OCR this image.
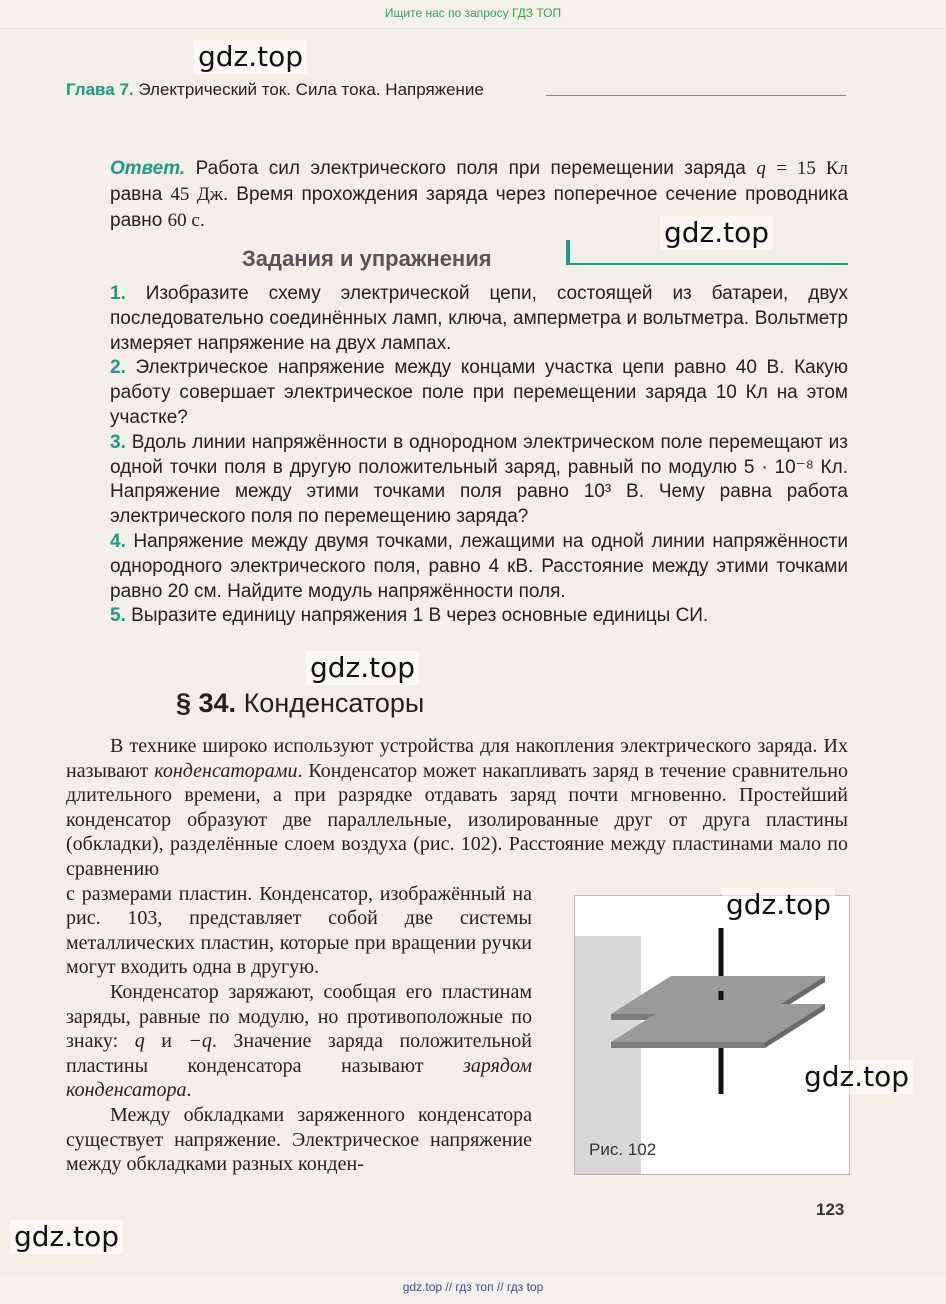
Ищите нас по запросу ГДЗ ТОП
Глава 7. Электрический ток. Сила тока. Напряжение
Ответ. Работа сил электрического поля при перемещении заряда q = 15 Кл равна 45 Дж. Время прохождения заряда через поперечное сечение проводника равно 60 с.
Задания и упражнения
1. Изобразите схему электрической цепи, состоящей из батареи, двух последовательно соединённых ламп, ключа, амперметра и вольтметра. Вольтметр измеряет напряжение на двух лампах.
2. Электрическое напряжение между концами участка цепи равно 40 В. Какую работу совершает электрическое поле при перемещении заряда 10 Кл на этом участке?
3. Вдоль линии напряжённости в однородном электрическом поле перемещают из одной точки поля в другую положительный заряд, равный по модулю 5 · 10⁻⁸ Кл. Напряжение между этими точками поля равно 10³ В. Чему равна работа электрического поля по перемещению заряда?
4. Напряжение между двумя точками, лежащими на одной линии напряжённости однородного электрического поля, равно 4 кВ. Расстояние между этими точками равно 20 см. Найдите модуль напряжённости поля.
5. Выразите единицу напряжения 1 В через основные единицы СИ.
§ 34. Конденсаторы

В технике широко используют устройства для накопления электрического заряда. Их называют конденсаторами. Конденсатор может накапливать заряд в течение сравнительно длительного времени, а при разрядке отдавать заряд почти мгновенно. Простейший конденсатор образуют две параллельные, изолированные друг от друга пластины (обкладки), разделённые слоем воздуха (рис. 102). Расстояние между пластинами мало по сравнению

с размерами пластин. Конденсатор, изображённый на рис. 103, представляет собой две системы металлических пластин, которые при вращении ручки могут входить одна в другую.

Конденсатор заряжают, сообщая его пластинам заряды, равные по модулю, но противоположные по знаку: q и −q. Значение заряда положительной пластины конденсатора называют зарядом конденсатора.

Между обкладками заряженного конденсатора существует напряжение. Электрическое напряжение между обкладками разных конден-

Рис. 102
123
gdz.top
gdz.top
gdz.top
gdz.top
gdz.top
gdz.top
gdz.top // гдз топ // гдз top
